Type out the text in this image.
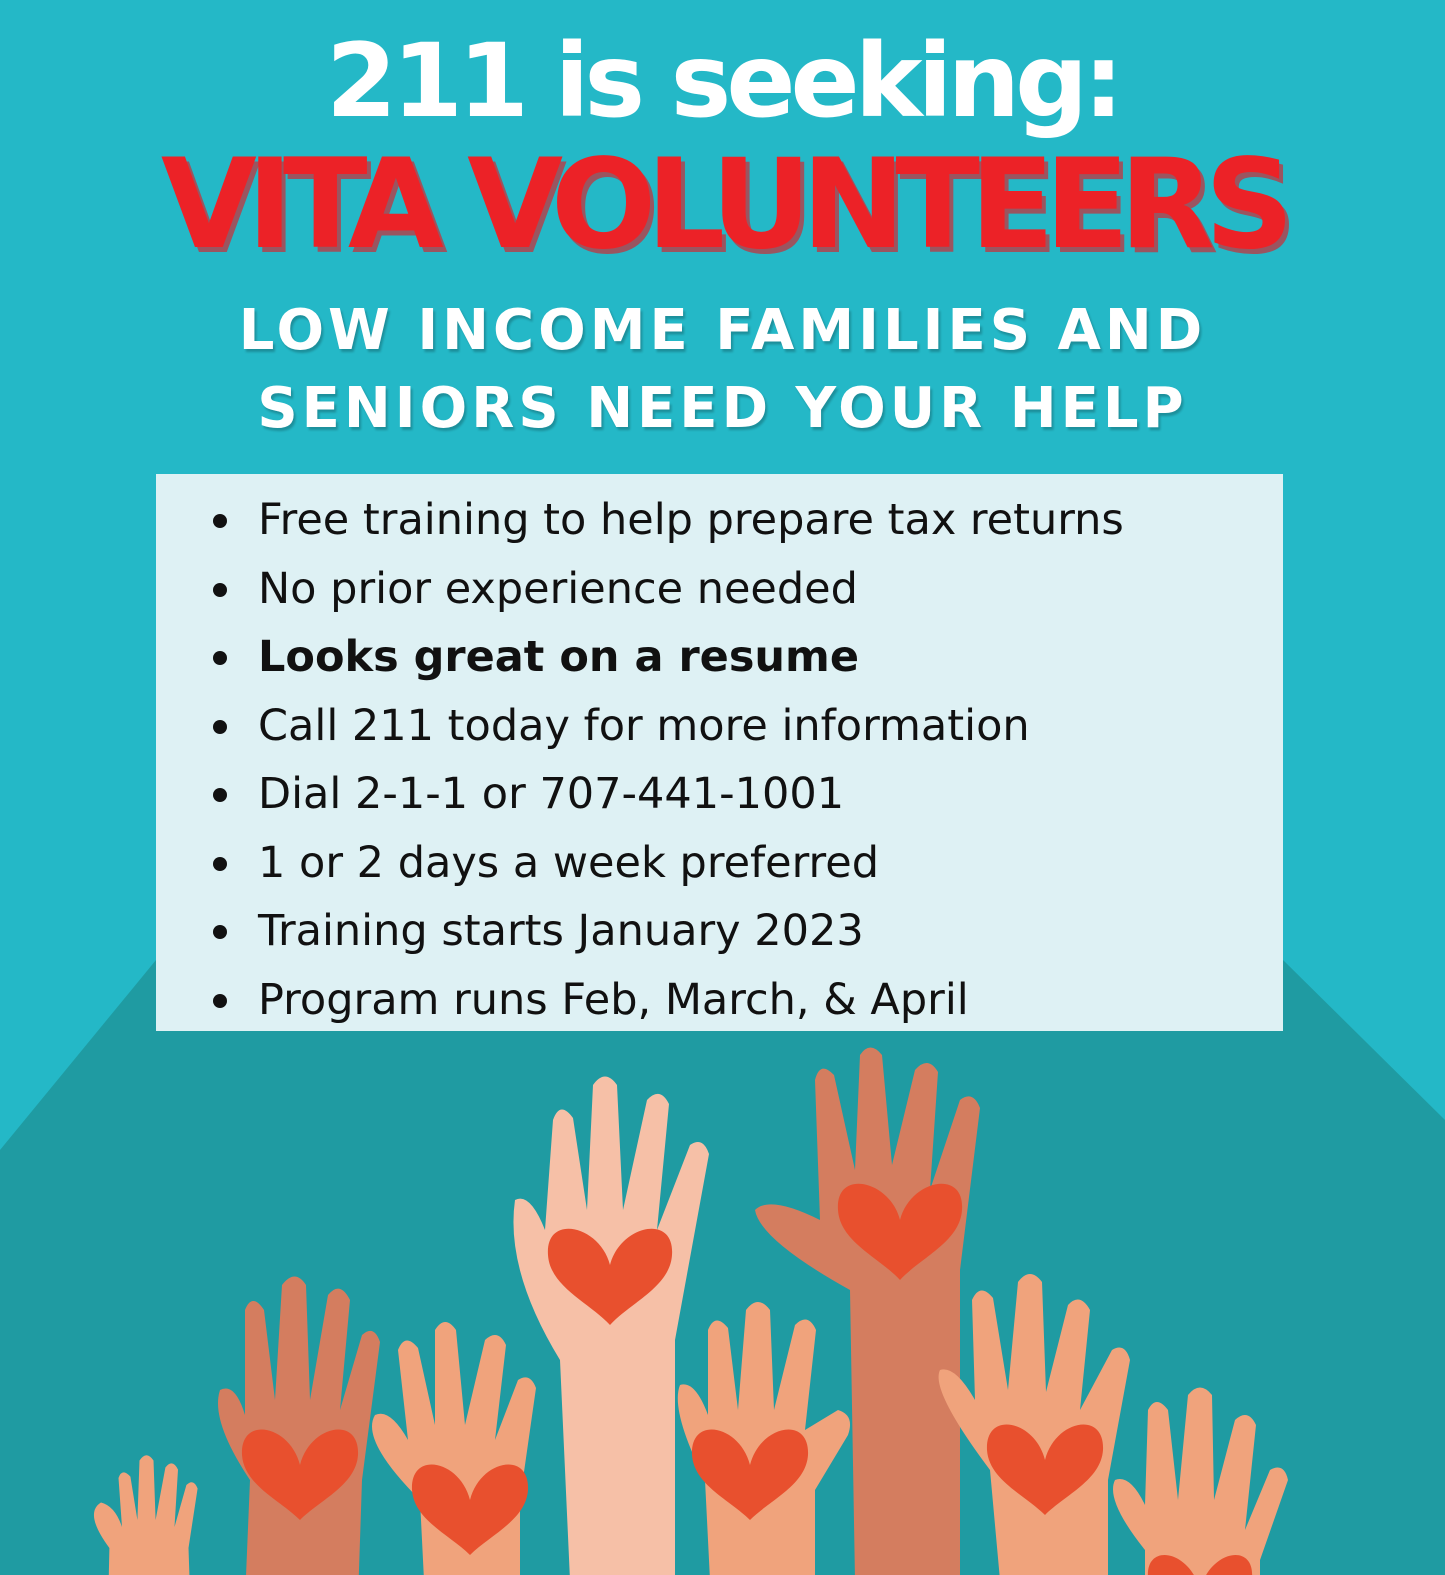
211 is seeking:
VITA VOLUNTEERS
LOW INCOME FAMILIES AND
SENIORS NEED YOUR HELP
Free training to help prepare tax returns
No prior experience needed
Looks great on a resume
Call 211 today for more information
Dial 2-1-1 or 707-441-1001
1 or 2 days a week preferred
Training starts January 2023
Program runs Feb, March, & April
